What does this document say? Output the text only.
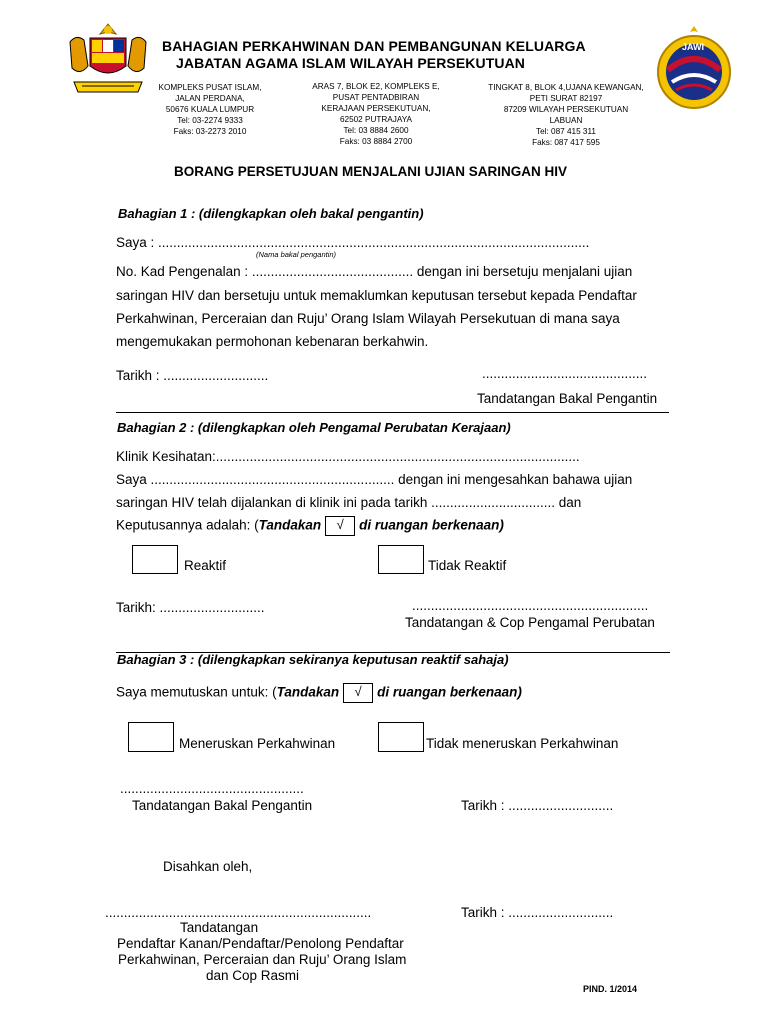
BAHAGIAN PERKAHWINAN DAN PEMBANGUNAN KELUARGA
JABATAN AGAMA ISLAM WILAYAH PERSEKUTUAN
JAWI
KOMPLEKS PUSAT ISLAM,
JALAN PERDANA,
50676 KUALA LUMPUR
Tel: 03-2274 9333
Faks: 03-2273 2010
ARAS 7, BLOK E2, KOMPLEKS E,
PUSAT PENTADBIRAN
KERAJAAN PERSEKUTUAN,
62502 PUTRAJAYA
Tel: 03 8884 2600
Faks: 03 8884 2700
TINGKAT 8, BLOK 4,UJANA KEWANGAN,
PETI SURAT 82197
87209 WILAYAH PERSEKUTUAN
LABUAN
Tel: 087 415 311
Faks: 087 417 595
BORANG PERSETUJUAN MENJALANI UJIAN SARINGAN HIV
Bahagian 1 : (dilengkapkan oleh bakal pengantin)
Saya : ...................................................................................................................
(Nama bakal pengantin)
No. Kad Pengenalan : ........................................... dengan ini bersetuju menjalani ujian
saringan HIV dan bersetuju untuk memaklumkan keputusan tersebut kepada Pendaftar
Perkahwinan, Perceraian dan Ruju’ Orang Islam Wilayah Persekutuan di mana saya
mengemukakan permohonan kebenaran berkahwin.
Tarikh : ............................	............................................
Tandatangan Bakal Pengantin
Bahagian 2 : (dilengkapkan oleh Pengamal Perubatan Kerajaan)
Klinik Kesihatan:.................................................................................................
Saya ................................................................. dengan ini mengesahkan bahawa ujian
saringan HIV telah dijalankan di klinik ini pada tarikh ................................. dan
Keputusannya adalah: (Tandakan √ di ruangan berkenaan)
Reaktif	Tidak Reaktif
Tarikh: ............................	...............................................................
Tandatangan & Cop Pengamal Perubatan
Bahagian 3 : (dilengkapkan sekiranya keputusan reaktif sahaja)
Saya memutuskan untuk: (Tandakan √ di ruangan berkenaan)
Meneruskan Perkahwinan	Tidak meneruskan Perkahwinan
.................................................
Tandatangan Bakal Pengantin	Tarikh : ............................
Disahkan oleh,
.......................................................................	Tarikh : ............................
Tandatangan
Pendaftar Kanan/Pendaftar/Penolong Pendaftar
Perkahwinan, Perceraian dan Ruju’ Orang Islam
dan Cop Rasmi
PIND. 1/2014
